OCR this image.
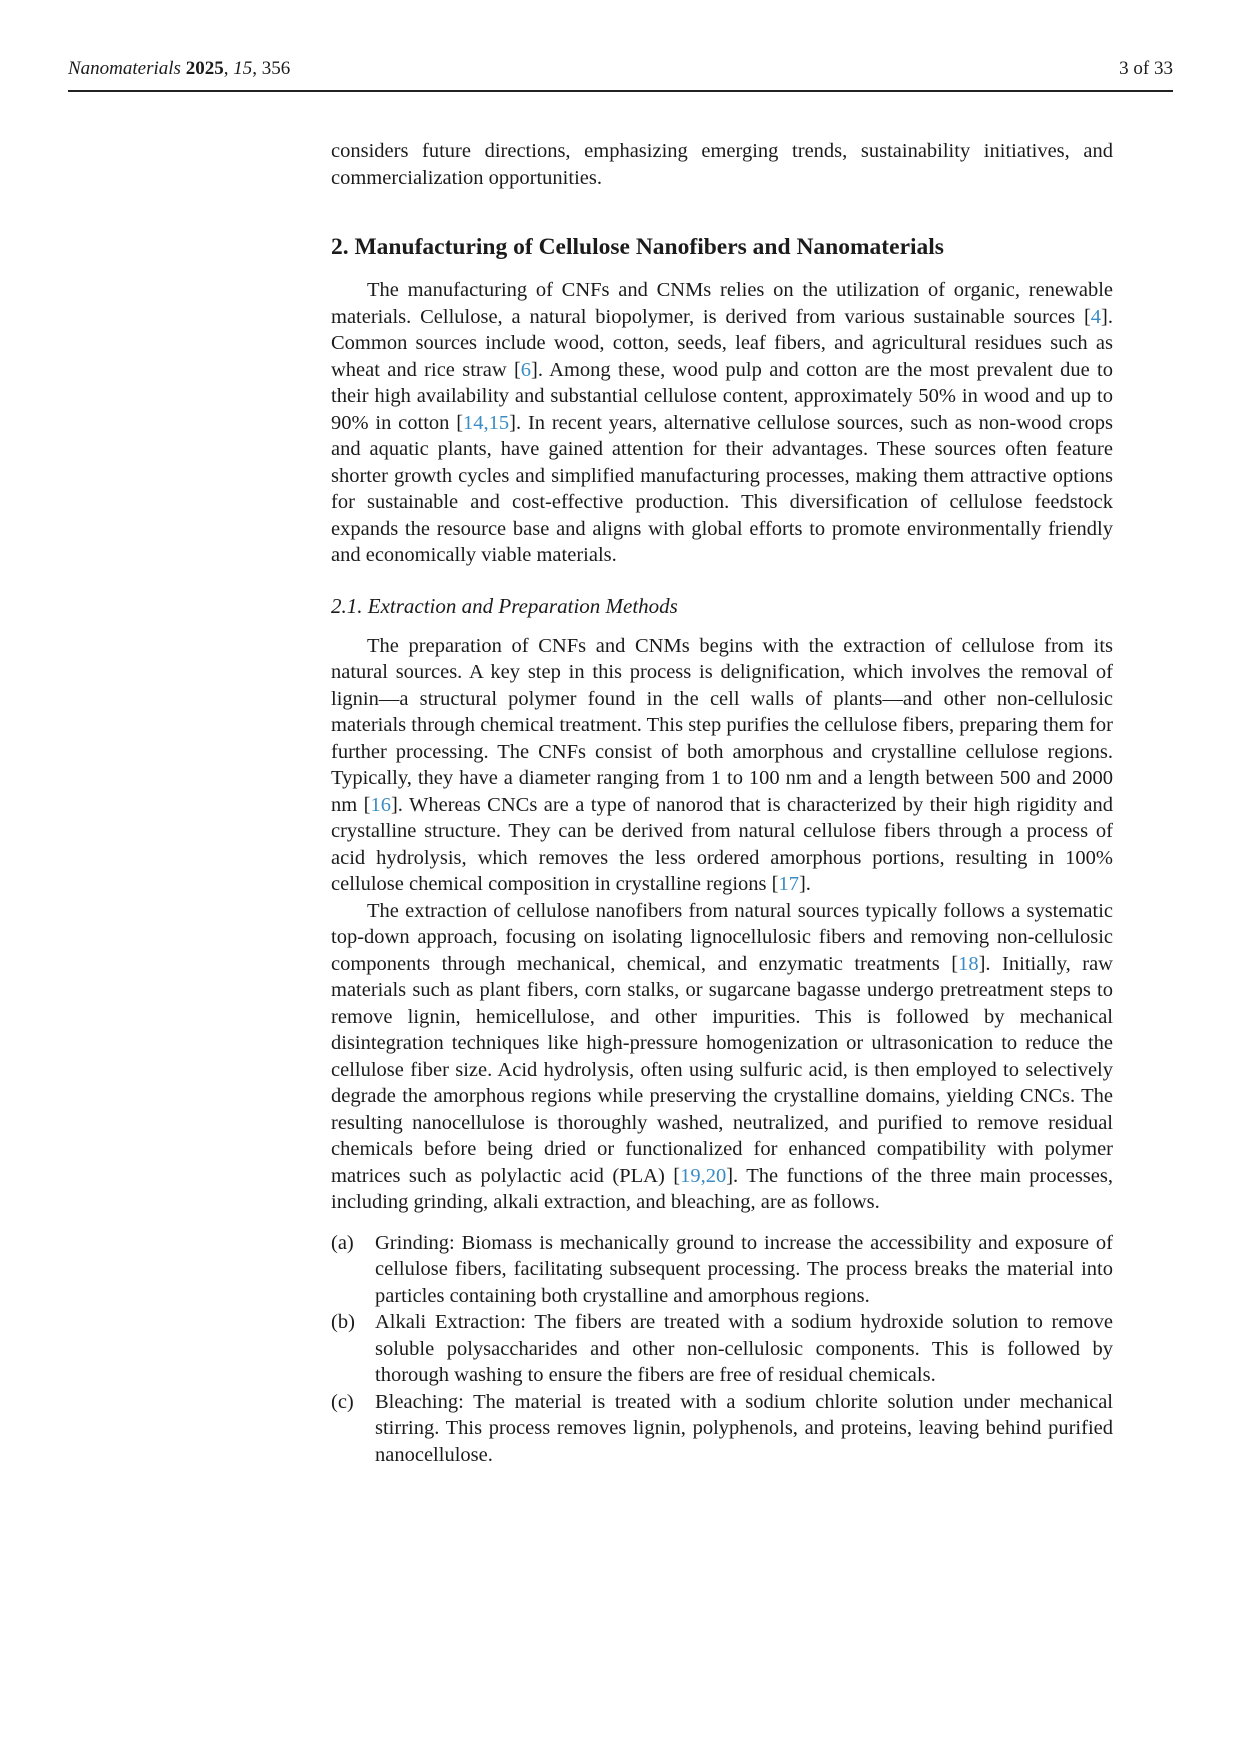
Nanomaterials 2025, 15, 356	3 of 33

considers future directions, emphasizing emerging trends, sustainability initiatives, and commercialization opportunities.

2. Manufacturing of Cellulose Nanofibers and Nanomaterials

The manufacturing of CNFs and CNMs relies on the utilization of organic, renewable materials. Cellulose, a natural biopolymer, is derived from various sustainable sources [4]. Common sources include wood, cotton, seeds, leaf fibers, and agricultural residues such as wheat and rice straw [6]. Among these, wood pulp and cotton are the most prevalent due to their high availability and substantial cellulose content, approximately 50% in wood and up to 90% in cotton [14,15]. In recent years, alternative cellulose sources, such as non-wood crops and aquatic plants, have gained attention for their advantages. These sources often feature shorter growth cycles and simplified manufacturing processes, making them attractive options for sustainable and cost-effective production. This diversification of cellulose feedstock expands the resource base and aligns with global efforts to promote environmentally friendly and economically viable materials.

2.1. Extraction and Preparation Methods

The preparation of CNFs and CNMs begins with the extraction of cellulose from its natural sources. A key step in this process is delignification, which involves the removal of lignin—a structural polymer found in the cell walls of plants—and other non-cellulosic materials through chemical treatment. This step purifies the cellulose fibers, preparing them for further processing. The CNFs consist of both amorphous and crystalline cellulose regions. Typically, they have a diameter ranging from 1 to 100 nm and a length between 500 and 2000 nm [16]. Whereas CNCs are a type of nanorod that is characterized by their high rigidity and crystalline structure. They can be derived from natural cellulose fibers through a process of acid hydrolysis, which removes the less ordered amorphous portions, resulting in 100% cellulose chemical composition in crystalline regions [17].

The extraction of cellulose nanofibers from natural sources typically follows a systematic top-down approach, focusing on isolating lignocellulosic fibers and removing non-cellulosic components through mechanical, chemical, and enzymatic treatments [18]. Initially, raw materials such as plant fibers, corn stalks, or sugarcane bagasse undergo pretreatment steps to remove lignin, hemicellulose, and other impurities. This is followed by mechanical disintegration techniques like high-pressure homogenization or ultrasonication to reduce the cellulose fiber size. Acid hydrolysis, often using sulfuric acid, is then employed to selectively degrade the amorphous regions while preserving the crystalline domains, yielding CNCs. The resulting nanocellulose is thoroughly washed, neutralized, and purified to remove residual chemicals before being dried or functionalized for enhanced compatibility with polymer matrices such as polylactic acid (PLA) [19,20]. The functions of the three main processes, including grinding, alkali extraction, and bleaching, are as follows.

(a)	Grinding: Biomass is mechanically ground to increase the accessibility and exposure of cellulose fibers, facilitating subsequent processing. The process breaks the material into particles containing both crystalline and amorphous regions.
(b) Alkali Extraction: The fibers are treated with a sodium hydroxide solution to remove soluble polysaccharides and other non-cellulosic components. This is followed by thorough washing to ensure the fibers are free of residual chemicals.
(c)	Bleaching: The material is treated with a sodium chlorite solution under mechanical stirring. This process removes lignin, polyphenols, and proteins, leaving behind purified nanocellulose.
